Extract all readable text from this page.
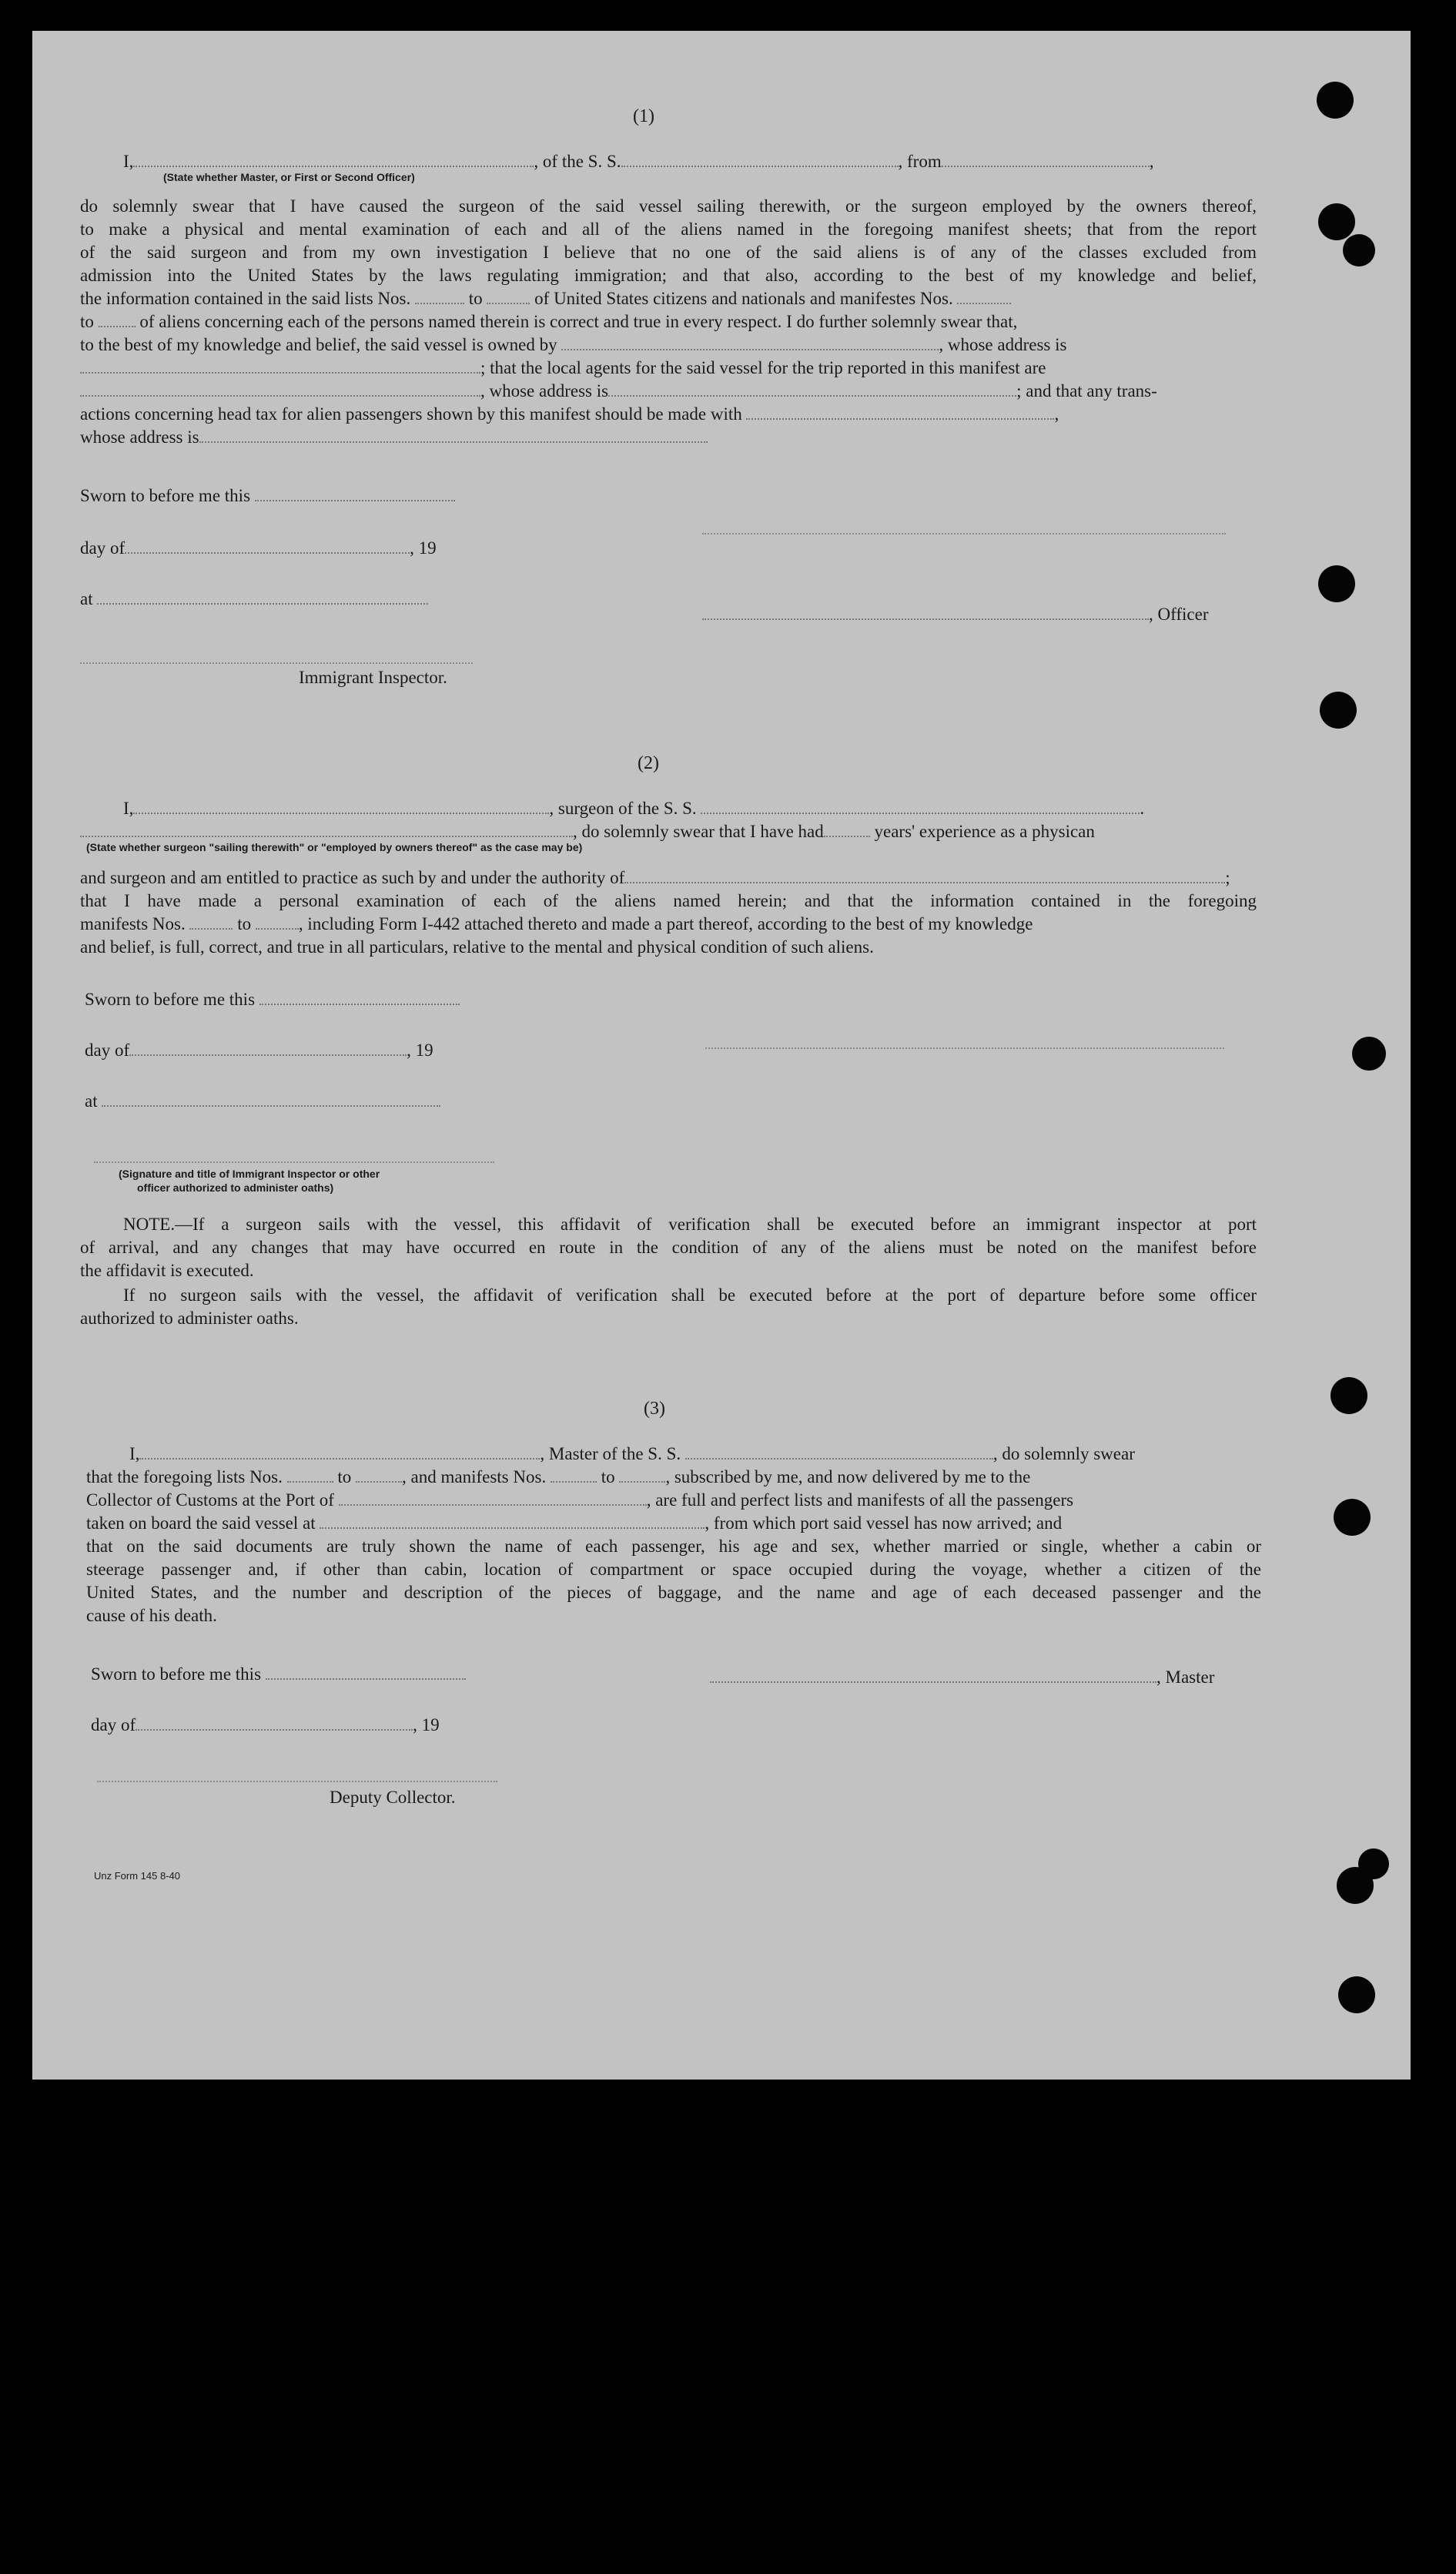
(1)
I,	, of the S. S.	, from	,
(State whether Master, or First or Second Officer)
do solemnly swear that I have caused the surgeon of the said vessel sailing therewith, or the surgeon employed by the owners thereof,
to make a physical and mental examination of each and all of the aliens named in the foregoing manifest sheets; that from the report
of the said surgeon and from my own investigation I believe that no one of the said aliens is of any of the classes excluded from
admission into the United States by the laws regulating immigration; and that also, according to the best of my knowledge and belief,
the information contained in the said lists Nos.	to	of United States citizens and nationals and manifestes Nos.
to	of aliens concerning each of the persons named therein is correct and true in every respect. I do further solemnly swear that,
to the best of my knowledge and belief, the said vessel is owned by	, whose address is
; that the local agents for the said vessel for the trip reported in this manifest are
, whose address is	; and that any trans-
actions concerning head tax for alien passengers shown by this manifest should be made with	,
whose address is
Sworn to before me this
day of	, 19
at
, Officer
Immigrant Inspector.
(2)
I,	, surgeon of the S. S.	.
, do solemnly swear that I have had	years' experience as a physican
(State whether surgeon "sailing therewith" or "employed by owners thereof" as the case may be)
and surgeon and am entitled to practice as such by and under the authority of	;
that I have made a personal examination of each of the aliens named herein; and that the information contained in the foregoing
manifests Nos.	to	, including Form I-442 attached thereto and made a part thereof, according to the best of my knowledge
and belief, is full, correct, and true in all particulars, relative to the mental and physical condition of such aliens.
Sworn to before me this
day of	, 19
at
(Signature and title of Immigrant Inspector or other
officer authorized to administer oaths)
NOTE.—If a surgeon sails with the vessel, this affidavit of verification shall be executed before an immigrant inspector at port
of arrival, and any changes that may have occurred en route in the condition of any of the aliens must be noted on the manifest before
the affidavit is executed.
If no surgeon sails with the vessel, the affidavit of verification shall be executed before at the port of departure before some officer
authorized to administer oaths.
(3)
I,	, Master of the S. S.	, do solemnly swear
that the foregoing lists Nos.	to	, and manifests Nos.	to	, subscribed by me, and now delivered by me to the
Collector of Customs at the Port of	, are full and perfect lists and manifests of all the passengers
taken on board the said vessel at	, from which port said vessel has now arrived; and
that on the said documents are truly shown the name of each passenger, his age and sex, whether married or single, whether a cabin or
steerage passenger and, if other than cabin, location of compartment or space occupied during the voyage, whether a citizen of the
United States, and the number and description of the pieces of baggage, and the name and age of each deceased passenger and the
cause of his death.
Sworn to before me this	, Master
day of	, 19
Deputy Collector.
Unz Form 145 8-40
